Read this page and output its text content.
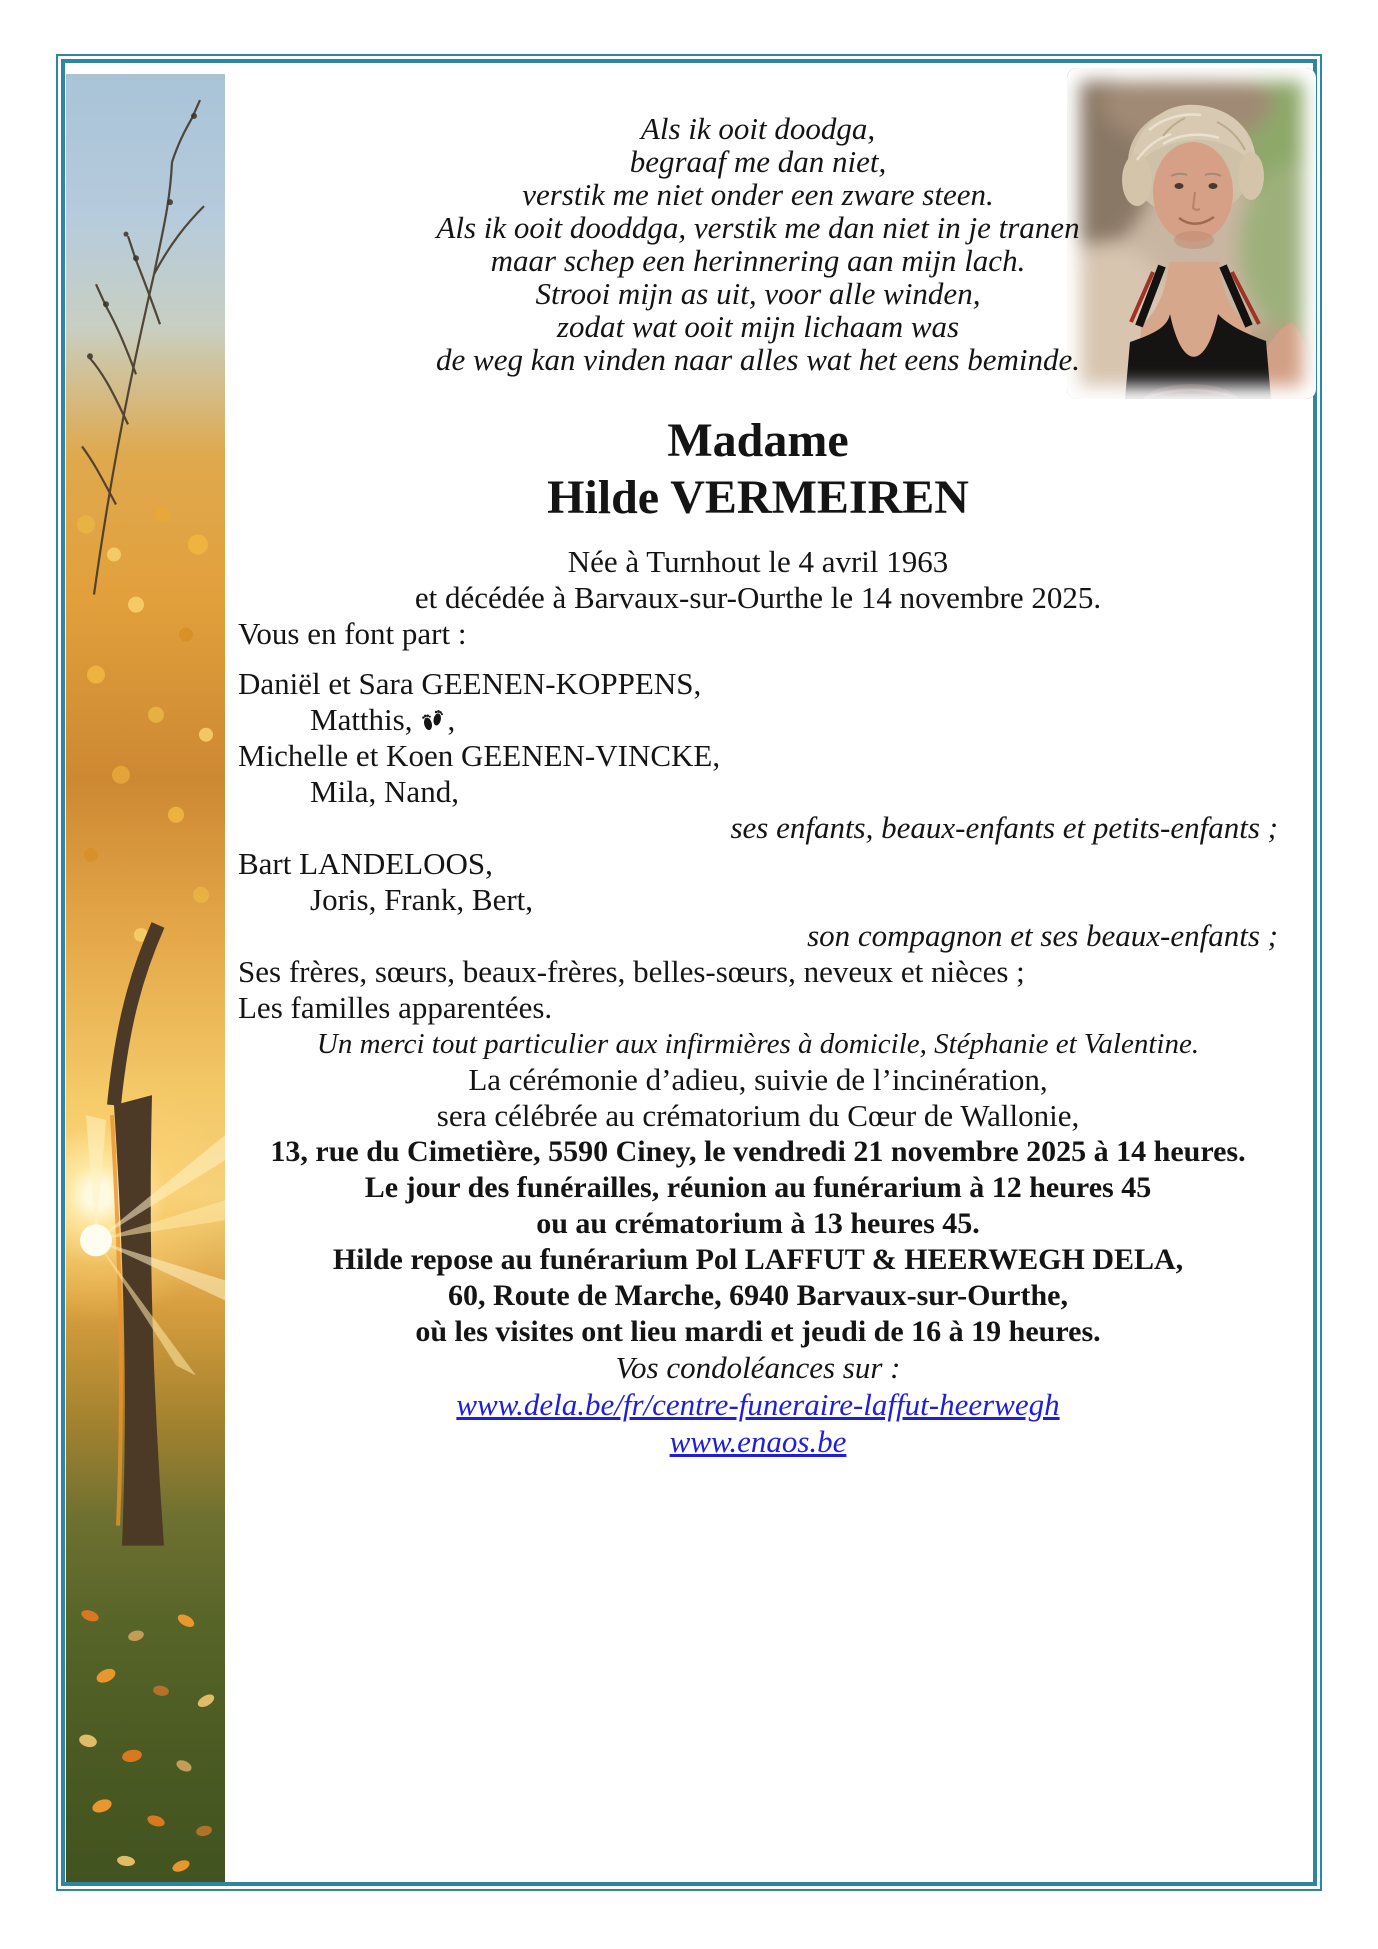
Als ik ooit doodga,

begraaf me dan niet,

verstik me niet onder een zware steen.

Als ik ooit dooddga, verstik me dan niet in je tranen

maar schep een herinnering aan mijn lach.

Strooi mijn as uit, voor alle winden,

zodat wat ooit mijn lichaam was

de weg kan vinden naar alles wat het eens beminde.

Madame
Hilde VERMEIREN

Née à Turnhout le 4 avril 1963

et décédée à Barvaux-sur-Ourthe le 14 novembre 2025.

Vous en font part :

Daniël et Sara GEENEN-KOPPENS,

Matthis, ,

Michelle et Koen GEENEN-VINCKE,

Mila, Nand,

ses enfants, beaux-enfants et petits-enfants ;

Bart LANDELOOS,

Joris, Frank, Bert,

son compagnon et ses beaux-enfants ;

Ses frères, sœurs, beaux-frères, belles-sœurs, neveux et nièces ;

Les familles apparentées.

Un merci tout particulier aux infirmières à domicile, Stéphanie et Valentine.

La cérémonie d’adieu, suivie de l’incinération,

sera célébrée au crématorium du Cœur de Wallonie,

13, rue du Cimetière, 5590 Ciney, le vendredi 21 novembre 2025 à 14 heures.

Le jour des funérailles, réunion au funérarium à 12 heures 45

ou au crématorium à 13 heures 45.

Hilde repose au funérarium Pol LAFFUT & HEERWEGH DELA,

60, Route de Marche, 6940 Barvaux-sur-Ourthe,

où les visites ont lieu mardi et jeudi de 16 à 19 heures.

Vos condoléances sur :

www.dela.be/fr/centre-funeraire-laffut-heerwegh
www.enaos.be
